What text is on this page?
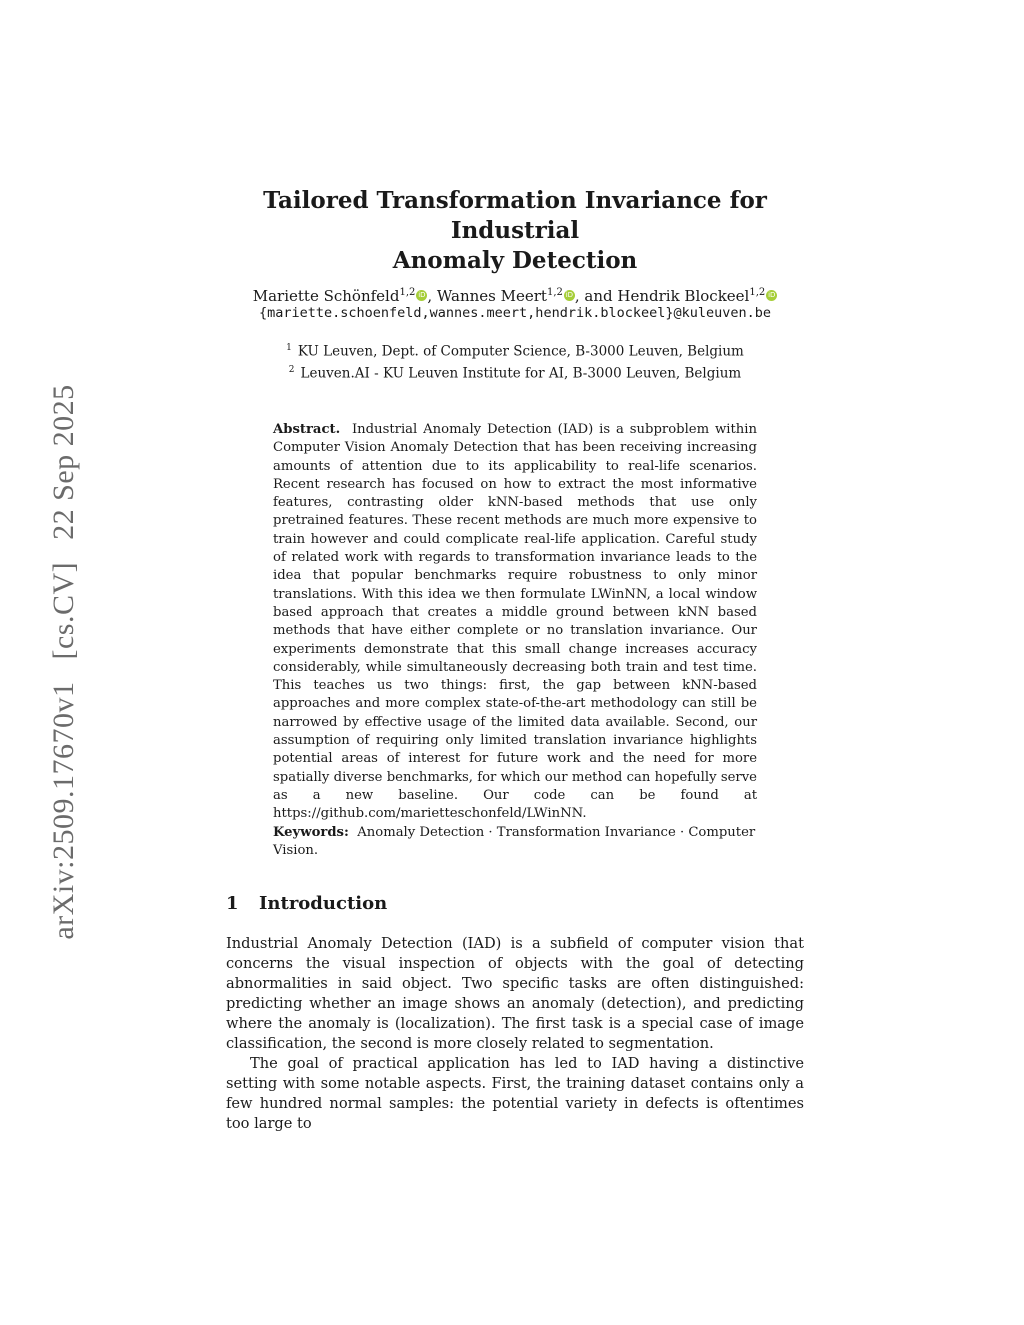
arXiv:2509.17670v1[cs.CV]22 Sep 2025
Tailored Transformation Invariance for Industrial
Anomaly Detection
Mariette Schönfeld$^{1,2}$ iD , Wannes Meert$^{1,2}$ iD , and Hendrik Blockeel$^{1,2}$ iD
{mariette.schoenfeld,wannes.meert,hendrik.blockeel}@kuleuven.be
$^1$ KU Leuven, Dept. of Computer Science, B-3000 Leuven, Belgium
$^2$ Leuven.AI - KU Leuven Institute for AI, B-3000 Leuven, Belgium

Abstract. Industrial Anomaly Detection (IAD) is a subproblem within Computer Vision Anomaly Detection that has been receiving increasing amounts of attention due to its applicability to real-life scenarios. Recent research has focused on how to extract the most informative features, contrasting older kNN-based methods that use only pretrained features. These recent methods are much more expensive to train however and could complicate real-life application. Careful study of related work with regards to transformation invariance leads to the idea that popular benchmarks require robustness to only minor translations. With this idea we then formulate LWinNN, a local window based approach that creates a middle ground between kNN based methods that have either complete or no translation invariance. Our experiments demonstrate that this small change increases accuracy considerably, while simultaneously decreasing both train and test time. This teaches us two things: first, the gap between kNN-based approaches and more complex state-of-the-art methodology can still be narrowed by effective usage of the limited data available. Second, our assumption of requiring only limited translation invariance highlights potential areas of interest for future work and the need for more spatially diverse benchmarks, for which our method can hopefully serve as a new baseline. Our code can be found at https://github.com/marietteschonfeld/LWinNN.

Keywords: Anomaly Detection · Transformation Invariance · Computer Vision.

1 Introduction

Industrial Anomaly Detection (IAD) is a subfield of computer vision that concerns the visual inspection of objects with the goal of detecting abnormalities in said object. Two specific tasks are often distinguished: predicting whether an image shows an anomaly (detection), and predicting where the anomaly is (localization). The first task is a special case of image classification, the second is more closely related to segmentation.

The goal of practical application has led to IAD having a distinctive setting with some notable aspects. First, the training dataset contains only a few hundred normal samples: the potential variety in defects is oftentimes too large to
